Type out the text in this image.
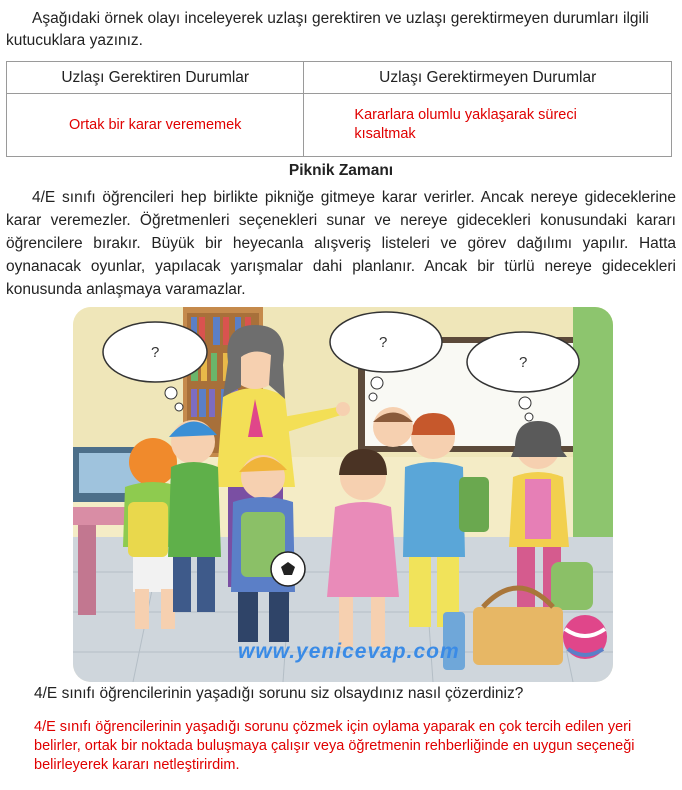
Aşağıdaki örnek olayı inceleyerek uzlaşı gerektiren ve uzlaşı gerektirmeyen durumları ilgili kutucuklara yazınız.
Uzlaşı Gerektiren Durumlar	Uzlaşı Gerektirmeyen Durumlar
Ortak bir karar verememek	Kararlara olumlu yaklaşarak süreci kısaltmak
Piknik Zamanı
4/E sınıfı öğrencileri hep birlikte pikniğe gitmeye karar verirler. Ancak nereye gideceklerine karar veremezler. Öğretmenleri seçenekleri sunar ve nereye gidecekleri konusundaki kararı öğrencilere bırakır. Büyük bir heyecanla alışveriş listeleri ve görev dağılımı yapılır. Hatta oynanacak oyunlar, yapılacak yarışmalar dahi planlanır. Ancak bir türlü nereye gidecekleri konusunda anlaşmaya varamazlar.
?
?
?
www.yenicevap.com
4/E sınıfı öğrencilerinin yaşadığı sorunu siz olsaydınız nasıl çözerdiniz?
4/E sınıfı öğrencilerinin yaşadığı sorunu çözmek için oylama yaparak en çok tercih edilen yeri belirler, ortak bir noktada buluşmaya çalışır veya öğretmenin rehberliğinde en uygun seçeneği belirleyerek kararı netleştirirdim.
